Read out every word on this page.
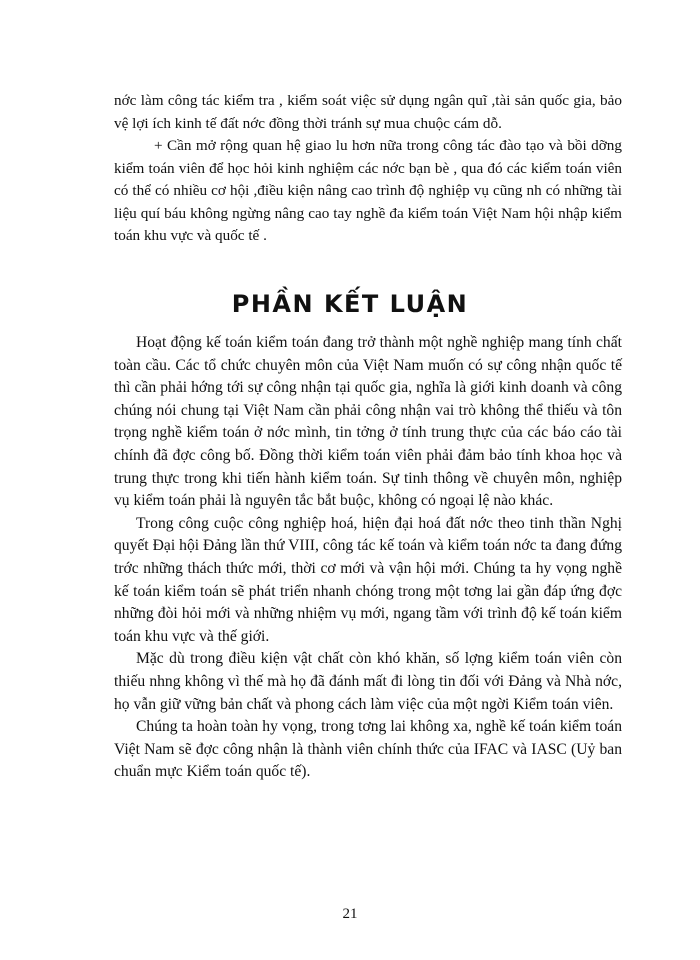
nớc làm công tác kiểm tra , kiểm soát việc sử dụng ngân quĩ ,tài sản quốc gia, bảo vệ lợi ích kinh tế đất nớc đồng thời tránh sự mua chuộc cám dỗ.

+ Cần mở rộng quan hệ giao lu hơn nữa trong công tác đào tạo và bồi dỡng kiểm toán viên để học hỏi kinh nghiệm các nớc bạn bè , qua đó các kiểm toán viên có thể có nhiều cơ hội ,điều kiện nâng cao trình độ nghiệp vụ cũng nh có những tài liệu quí báu không ngừng nâng cao tay nghề đa kiểm toán Việt Nam hội nhập kiểm toán khu vực và quốc tế .

PHẦN KẾT LUẬN

Hoạt động kế toán kiểm toán đang trở thành một nghề nghiệp mang tính chất toàn cầu. Các tổ chức chuyên môn của Việt Nam muốn có sự công nhận quốc tế thì cần phải hớng tới sự công nhận tại quốc gia, nghĩa là giới kinh doanh và công chúng nói chung tại Việt Nam cần phải công nhận vai trò không thể thiếu và tôn trọng nghề kiểm toán ở nớc mình, tin tởng ở tính trung thực của các báo cáo tài chính đã đợc công bố. Đồng thời kiểm toán viên phải đảm bảo tính khoa học và trung thực trong khi tiến hành kiểm toán. Sự tinh thông về chuyên môn, nghiệp vụ kiểm toán phải là nguyên tắc bắt buộc, không có ngoại lệ nào khác.

Trong công cuộc công nghiệp hoá, hiện đại hoá đất nớc theo tinh thần Nghị quyết Đại hội Đảng lần thứ VIII, công tác kế toán và kiểm toán nớc ta đang đứng trớc những thách thức mới, thời cơ mới và vận hội mới. Chúng ta hy vọng nghề kế toán kiểm toán sẽ phát triển nhanh chóng trong một tơng lai gần đáp ứng đợc những đòi hỏi mới và những nhiệm vụ mới, ngang tầm với trình độ kế toán kiểm toán khu vực và thế giới.

Mặc dù trong điều kiện vật chất còn khó khăn, số lợng kiểm toán viên còn thiếu nhng không vì thế mà họ đã đánh mất đi lòng tin đối với Đảng và Nhà nớc, họ vẫn giữ vững bản chất và phong cách làm việc của một ngời Kiểm toán viên.

Chúng ta hoàn toàn hy vọng, trong tơng lai không xa, nghề kế toán kiểm toán Việt Nam sẽ đợc công nhận là thành viên chính thức của IFAC và IASC (Uỷ ban chuẩn mực Kiểm toán quốc tế).

21
